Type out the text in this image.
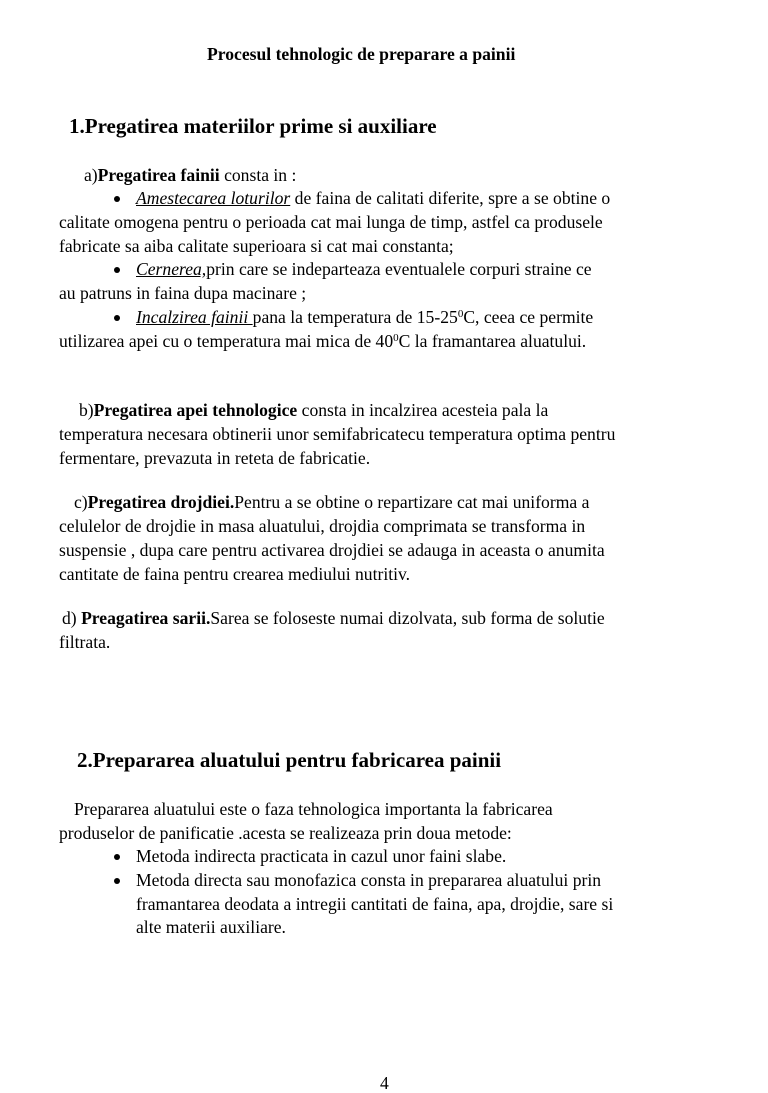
Procesul tehnologic de preparare a painii
1.Pregatirea materiilor prime si auxiliare
a)Pregatirea fainii consta in :
Amestecarea loturilor de faina de calitati diferite, spre a se obtine o
calitate omogena pentru o perioada cat mai lunga de timp, astfel ca produsele
fabricate sa aiba calitate superioara si cat mai constanta;
Cernerea,prin care se indeparteaza eventualele corpuri straine ce
au patruns in faina dupa macinare ;
Incalzirea fainii pana la temperatura de $15-25^0C$, ceea ce permite
utilizarea apei cu o temperatura mai mica de $40^0C$ la framantarea aluatului.
b)Pregatirea apei tehnologice consta in incalzirea acesteia pala la
temperatura necesara obtinerii unor semifabricatecu temperatura optima pentru
fermentare, prevazuta in reteta de fabricatie.
c)Pregatirea drojdiei.Pentru a se obtine o repartizare cat mai uniforma a
celulelor de drojdie in masa aluatului, drojdia comprimata se transforma in
suspensie , dupa care pentru activarea drojdiei se adauga in aceasta o anumita
cantitate de faina pentru crearea mediului nutritiv.
d) Preagatirea sarii.Sarea se foloseste numai dizolvata, sub forma de solutie
filtrata.
2.Prepararea aluatului pentru fabricarea painii
Prepararea aluatului este o faza tehnologica importanta la fabricarea
produselor de panificatie .acesta se realizeaza prin doua metode:
Metoda indirecta practicata in cazul unor faini slabe.
Metoda directa sau monofazica consta in prepararea aluatului prin
framantarea deodata a intregii cantitati de faina, apa, drojdie, sare si
alte materii auxiliare.
4
